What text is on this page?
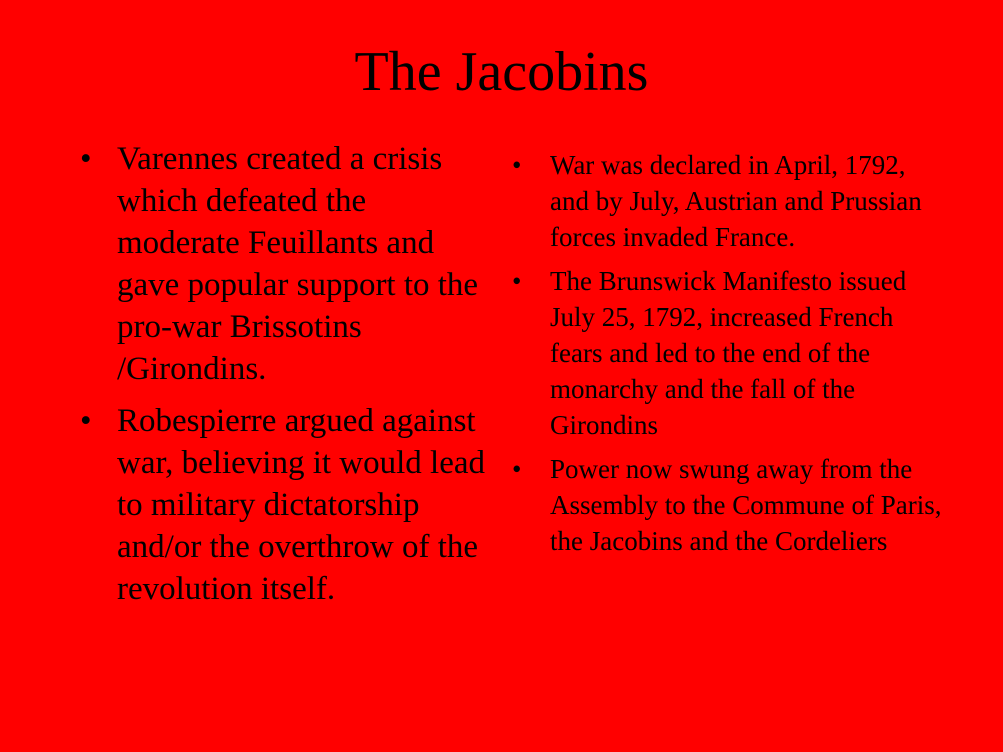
The Jacobins
• Varennes created a crisis which defeated the moderate Feuillants and gave popular support to the pro-war Brissotins /Girondins.
• Robespierre argued against war, believing it would lead to military dictatorship and/or the overthrow of the revolution itself.
• War was declared in April, 1792, and by July, Austrian and Prussian forces invaded France.
• The Brunswick Manifesto issued July 25, 1792, increased French fears and led to the end of the monarchy and the fall of the Girondins
• Power now swung away from the Assembly to the Commune of Paris, the Jacobins and the Cordeliers
